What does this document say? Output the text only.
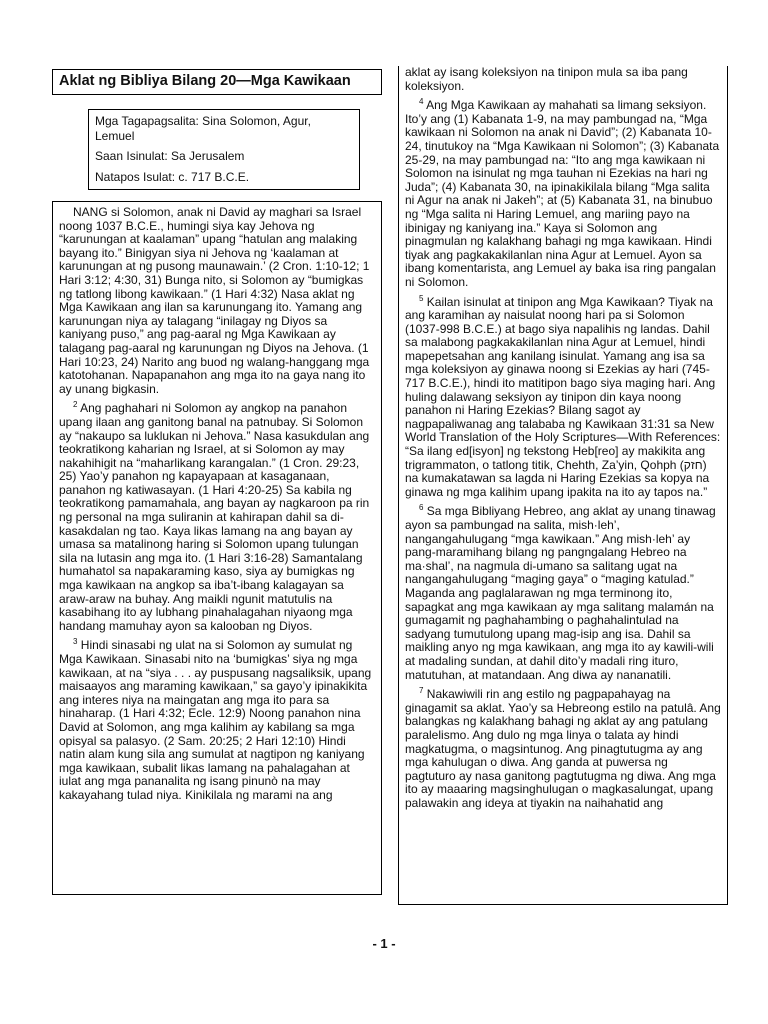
Aklat ng Bibliya Bilang 20—Mga Kawikaan
Mga Tagapagsalita: Sina Solomon, Agur, Lemuel
Saan Isinulat: Sa Jerusalem
Natapos Isulat: c. 717 B.C.E.

NANG si Solomon, anak ni David ay maghari sa Israel noong 1037 B.C.E., humingi siya kay Jehova ng “karunungan at kaalaman” upang “hatulan ang malaking bayang ito.” Binigyan siya ni Jehova ng ‘kaalaman at karunungan at ng pusong maunawain.’ (2 Cron. 1:10-12; 1 Hari 3:12; 4:30, 31) Bunga nito, si Solomon ay “bumigkas ng tatlong libong kawikaan.” (1 Hari 4:32) Nasa aklat ng Mga Kawikaan ang ilan sa karunungang ito. Yamang ang karunungan niya ay talagang “inilagay ng Diyos sa kaniyang puso,” ang pag-aaral ng Mga Kawikaan ay talagang pag-aaral ng karunungan ng Diyos na Jehova. (1 Hari 10:23, 24) Narito ang buod ng walang-hanggang mga katotohanan. Napapanahon ang mga ito na gaya nang ito ay unang bigkasin.

$^2$ Ang paghahari ni Solomon ay angkop na panahon upang ilaan ang ganitong banal na patnubay. Si Solomon ay “nakaupo sa luklukan ni Jehova.” Nasa kasukdulan ang teokratikong kaharian ng Israel, at si Solomon ay may nakahihigit na “maharlikang karangalan.” (1 Cron. 29:23, 25) Yao’y panahon ng kapayapaan at kasaganaan, panahon ng katiwasayan. (1 Hari 4:20-25) Sa kabila ng teokratikong pamamahala, ang bayan ay nagkaroon pa rin ng personal na mga suliranin at kahirapan dahil sa di-kasakdalan ng tao. Kaya likas lamang na ang bayan ay umasa sa matalinong haring si Solomon upang tulungan sila na lutasin ang mga ito. (1 Hari 3:16-28) Samantalang humahatol sa napakaraming kaso, siya ay bumigkas ng mga kawikaan na angkop sa iba’t-ibang kalagayan sa araw-araw na buhay. Ang maikli ngunit matutulis na kasabihang ito ay lubhang pinahalagahan niyaong mga handang mamuhay ayon sa kalooban ng Diyos.

$^3$ Hindi sinasabi ng ulat na si Solomon ay sumulat ng Mga Kawikaan. Sinasabi nito na ‘bumigkas’ siya ng mga kawikaan, at na “siya . . . ay puspusang nagsaliksik, upang maisaayos ang maraming kawikaan,” sa gayo’y ipinakikita ang interes niya na maingatan ang mga ito para sa hinaharap. (1 Hari 4:32; Ecle. 12:9) Noong panahon nina David at Solomon, ang mga kalihim ay kabilang sa mga opisyal sa palasyo. (2 Sam. 20:25; 2 Hari 12:10) Hindi natin alam kung sila ang sumulat at nagtipon ng kaniyang mga kawikaan, subalit likas lamang na pahalagahan at iulat ang mga pananalita ng isang pinunò na may kakayahang tulad niya. Kinikilala ng marami na ang

aklat ay isang koleksiyon na tinipon mula sa iba pang koleksiyon.

$^4$ Ang Mga Kawikaan ay mahahati sa limang seksiyon. Ito’y ang (1) Kabanata 1-9, na may pambungad na, “Mga kawikaan ni Solomon na anak ni David”; (2) Kabanata 10-24, tinutukoy na “Mga Kawikaan ni Solomon”; (3) Kabanata 25-29, na may pambungad na: “Ito ang mga kawikaan ni Solomon na isinulat ng mga tauhan ni Ezekias na hari ng Juda”; (4) Kabanata 30, na ipinakikilala bilang “Mga salita ni Agur na anak ni Jakeh”; at (5) Kabanata 31, na binubuo ng “Mga salita ni Haring Lemuel, ang mariing payo na ibinigay ng kaniyang ina.” Kaya si Solomon ang pinagmulan ng kalakhang bahagi ng mga kawikaan. Hindi tiyak ang pagkakakilanlan nina Agur at Lemuel. Ayon sa ibang komentarista, ang Lemuel ay baka isa ring pangalan ni Solomon.

$^5$ Kailan isinulat at tinipon ang Mga Kawikaan? Tiyak na ang karamihan ay naisulat noong hari pa si Solomon (1037-998 B.C.E.) at bago siya napalihis ng landas. Dahil sa malabong pagkakakilanlan nina Agur at Lemuel, hindi mapepetsahan ang kanilang isinulat. Yamang ang isa sa mga koleksiyon ay ginawa noong si Ezekias ay hari (745-717 B.C.E.), hindi ito matitipon bago siya maging hari. Ang huling dalawang seksiyon ay tinipon din kaya noong panahon ni Haring Ezekias? Bilang sagot ay nagpapaliwanag ang talababa ng Kawikaan 31:31 sa New World Translation of the Holy Scriptures—With References: “Sa ilang ed[isyon] ng tekstong Heb[reo] ay makikita ang trigrammaton, o tatlong titik, Chehth, Za’yin, Qohph (חזק) na kumakatawan sa lagda ni Haring Ezekias sa kopya na ginawa ng mga kalihim upang ipakita na ito ay tapos na.”

$^6$ Sa mga Bibliyang Hebreo, ang aklat ay unang tinawag ayon sa pambungad na salita, mish·leh’, nangangahulugang “mga kawikaan.” Ang mish·leh’ ay pang-maramihang bilang ng pangngalang Hebreo na ma·shal’, na nagmula di-umano sa salitang ugat na nangangahulugang “maging gaya” o “maging katulad.” Maganda ang paglalarawan ng mga terminong ito, sapagkat ang mga kawikaan ay mga salitang malamán na gumagamit ng paghahambing o paghahalintulad na sadyang tumutulong upang mag-isip ang isa. Dahil sa maikling anyo ng mga kawikaan, ang mga ito ay kawili-wili at madaling sundan, at dahil dito’y madali ring ituro, matutuhan, at matandaan. Ang diwa ay nananatili.

$^7$ Nakawiwili rin ang estilo ng pagpapahayag na ginagamit sa aklat. Yao’y sa Hebreong estilo na patulâ. Ang balangkas ng kalakhang bahagi ng aklat ay ang patulang paralelismo. Ang dulo ng mga linya o talata ay hindi magkatugma, o magsintunog. Ang pinagtutugma ay ang mga kahulugan o diwa. Ang ganda at puwersa ng pagtuturo ay nasa ganitong pagtutugma ng diwa. Ang mga ito ay maaaring magsinghulugan o magkasalungat, upang palawakin ang ideya at tiyakin na naihahatid ang

- 1 -
